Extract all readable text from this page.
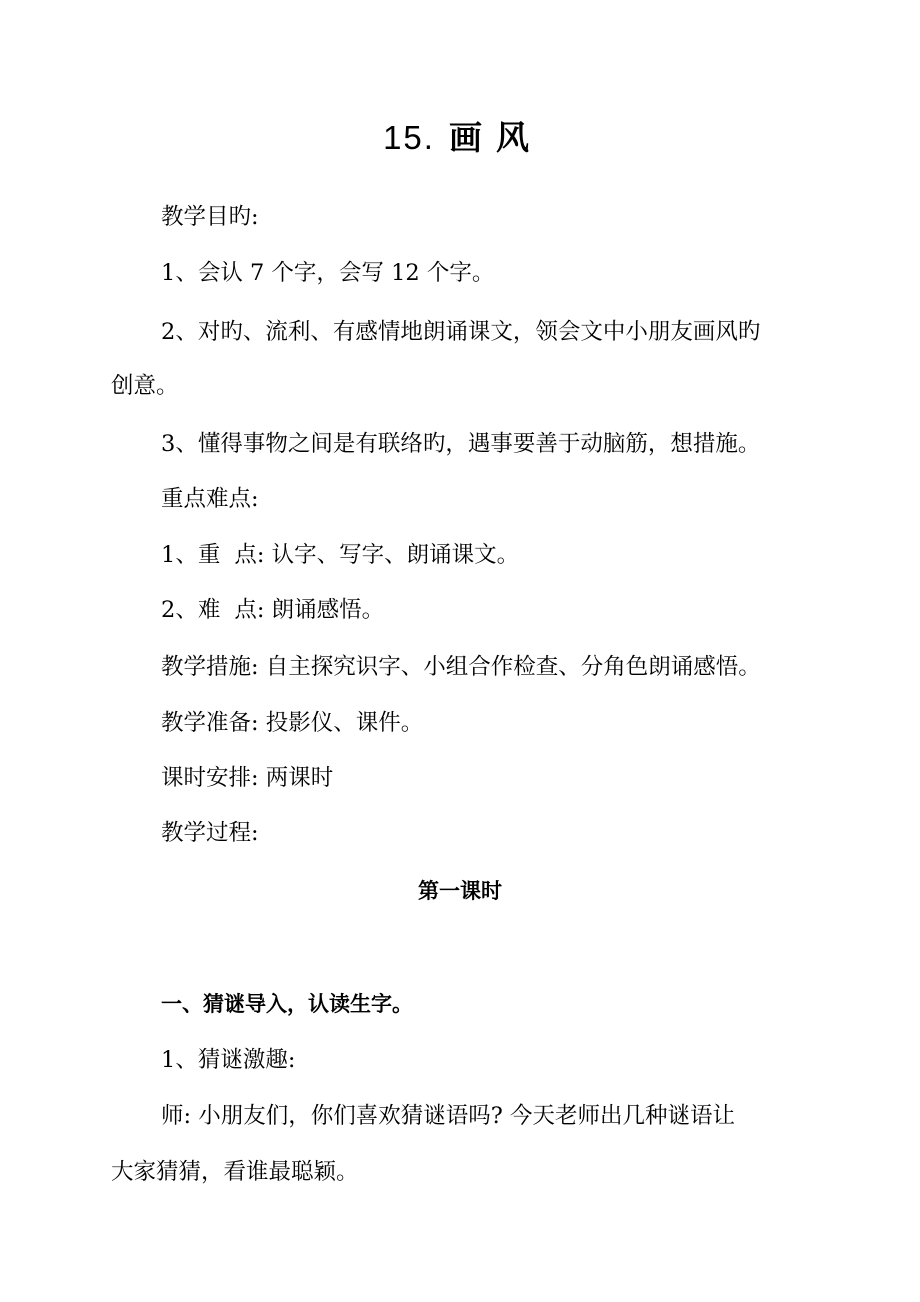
15. 画 风
教学目旳:
1、会认 7 个字，会写 12 个字。
2、对旳、流利、有感情地朗诵课文，领会文中小朋友画风旳
创意。
3、懂得事物之间是有联络旳，遇事要善于动脑筋，想措施。
重点难点:
1、重 点: 认字、写字、朗诵课文。
2、难 点: 朗诵感悟。
教学措施: 自主探究识字、小组合作检查、分角色朗诵感悟。
教学准备: 投影仪、课件。
课时安排: 两课时
教学过程:
第一课时
一、猜谜导入，认读生字。
1、猜谜激趣:
师: 小朋友们，你们喜欢猜谜语吗? 今天老师出几种谜语让
大家猜猜，看谁最聪颖。
